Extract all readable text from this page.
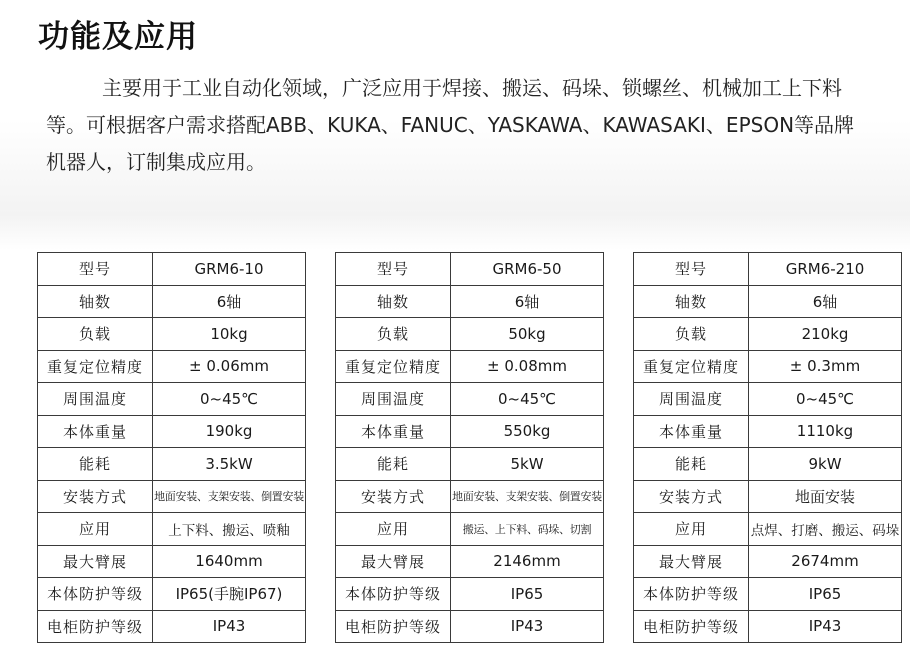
功能及应用

主要用于工业自动化领域，广泛应用于焊接、搬运、码垛、锁螺丝、机械加工上下料等。可根据客户需求搭配ABB、KUKA、FANUC、YASKAWA、KAWASAKI、EPSON等品牌机器人，订制集成应用。

型号	GRM6-10
轴数	6轴
负载	10kg
重复定位精度	± 0.06mm
周围温度	0~45℃
本体重量	190kg
能耗	3.5kW
安装方式	地面安装、支架安装、倒置安装
应用	上下料、搬运、喷釉
最大臂展	1640mm
本体防护等级	IP65(手腕IP67)
电柜防护等级	IP43
型号	GRM6-50
轴数	6轴
负载	50kg
重复定位精度	± 0.08mm
周围温度	0~45℃
本体重量	550kg
能耗	5kW
安装方式	地面安装、支架安装、倒置安装
应用	搬运、上下料、码垛、切割
最大臂展	2146mm
本体防护等级	IP65
电柜防护等级	IP43
型号	GRM6-210
轴数	6轴
负载	210kg
重复定位精度	± 0.3mm
周围温度	0~45℃
本体重量	1110kg
能耗	9kW
安装方式	地面安装
应用	点焊、打磨、搬运、码垛
最大臂展	2674mm
本体防护等级	IP65
电柜防护等级	IP43
